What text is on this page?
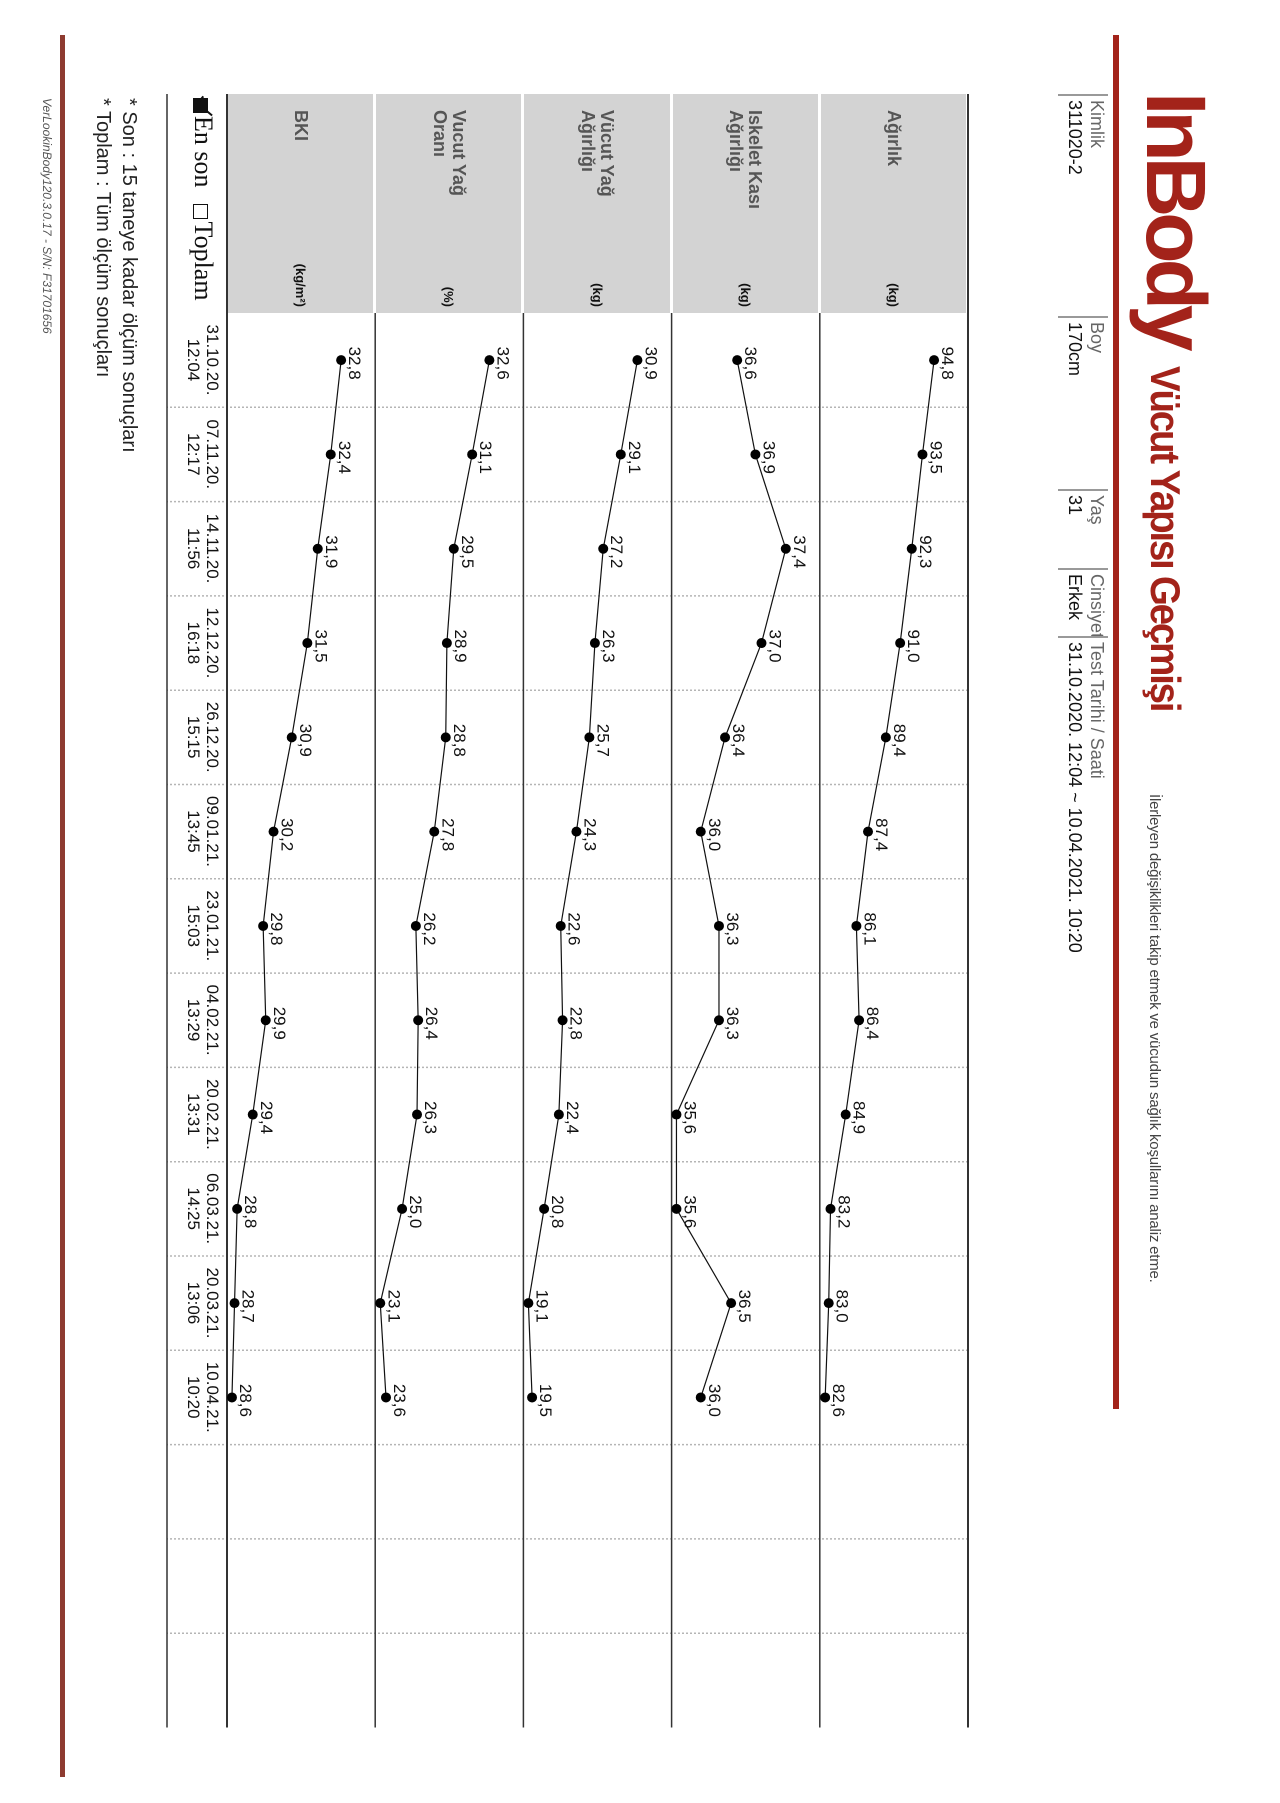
InBody
Vücut Yapısı Geçmişi
İlerleyen değişiklikleri takip etmek ve vücudun sağlık koşullarını analiz etme.
Kimlik
311020-2
Boy
170cm
Yaş
31
Cinsiyet
Erkek
Test Tarihi / Saati
31.10.2020. 12:04 ~ 10.04.2021. 10:20
Ağırlık
(kg)
Iskelet Kası
Ağırlığı
(kg)
Vücut Yağ
Ağırlığı
(kg)
Vucut Yağ
Oranı
(%)
BKI
(kg/m²)
31.10.20.
12:04
07.11.20.
12:17
14.11.20.
11:56
12.12.20.
16:18
26.12.20.
15:15
09.01.21.
13:45
23.01.21.
15:03
04.02.21.
13:29
20.02.21.
13:31
06.03.21.
14:25
20.03.21.
13:06
10.04.21.
10:20
94,8
93,5
92,3
91,0
89,4
87,4
86,1
86,4
84,9
83,2
83,0
82,6
36,6
36,9
37,4
37,0
36,4
36,0
36,3
36,3
35,6
35,6
36,5
36,0
30,9
29,1
27,2
26,3
25,7
24,3
22,6
22,8
22,4
20,8
19,1
19,5
32,6
31,1
29,5
28,9
28,8
27,8
26,2
26,4
26,3
25,0
23,1
23,6
32,8
32,4
31,9
31,5
30,9
30,2
29,8
29,9
29,4
28,8
28,7
28,6
En son
Toplam
* Son : 15 taneye kadar ölçüm sonuçları
* Toplam : Tüm ölçüm sonuçları
VerLookinBody120.3.0.17 - S/N: F31701656
